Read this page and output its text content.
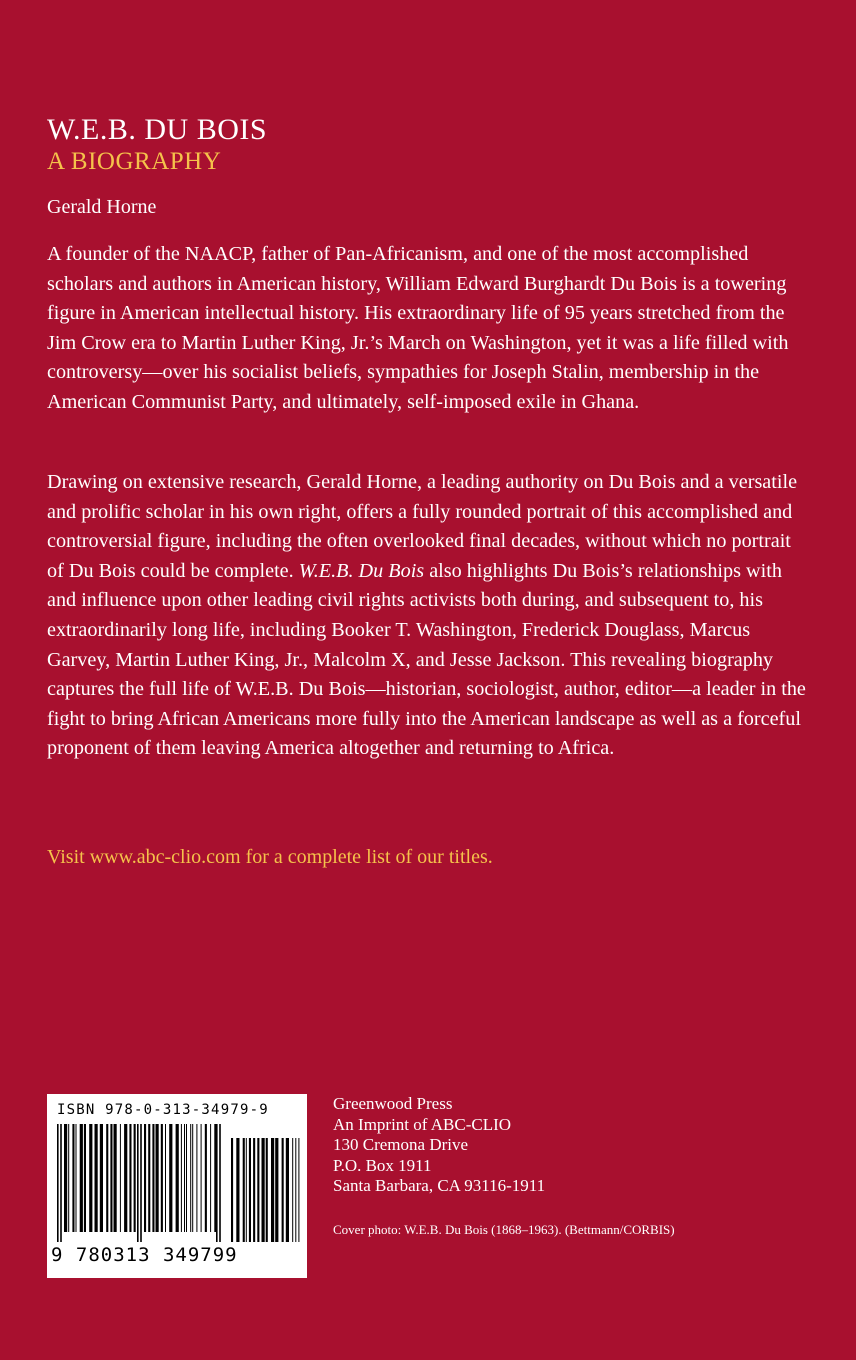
W.E.B. DU BOIS
A BIOGRAPHY
Gerald Horne

A founder of the NAACP, father of Pan-Africanism, and one of the most accomplished scholars and authors in American history, William Edward Burghardt Du Bois is a towering figure in American intellectual history. His extraordinary life of 95 years stretched from the Jim Crow era to Martin Luther King, Jr.’s March on Washington, yet it was a life filled with controversy—over his socialist beliefs, sympathies for Joseph Stalin, membership in the American Communist Party, and ultimately, self-imposed exile in Ghana.

Drawing on extensive research, Gerald Horne, a leading authority on Du Bois and a versatile and prolific scholar in his own right, offers a fully rounded portrait of this accomplished and controversial figure, including the often overlooked final decades, without which no portrait of Du Bois could be complete. W.E.B. Du Bois also highlights Du Bois’s relationships with and influence upon other leading civil rights activists both during, and subsequent to, his extraordinarily long life, including Booker T. Washington, Frederick Douglass, Marcus Garvey, Martin Luther King, Jr., Malcolm X, and Jesse Jackson. This revealing biography captures the full life of W.E.B. Du Bois—historian, sociologist, author, editor—a leader in the fight to bring African Americans more fully into the American landscape as well as a forceful proponent of them leaving America altogether and returning to Africa.

Visit www.abc-clio.com for a complete list of our titles.
ISBN 978-0-313-34979-9
9 780313 349799
Greenwood Press
An Imprint of ABC-CLIO
130 Cremona Drive
P.O. Box 1911
Santa Barbara, CA 93116-1911
Cover photo: W.E.B. Du Bois (1868–1963). (Bettmann/CORBIS)
